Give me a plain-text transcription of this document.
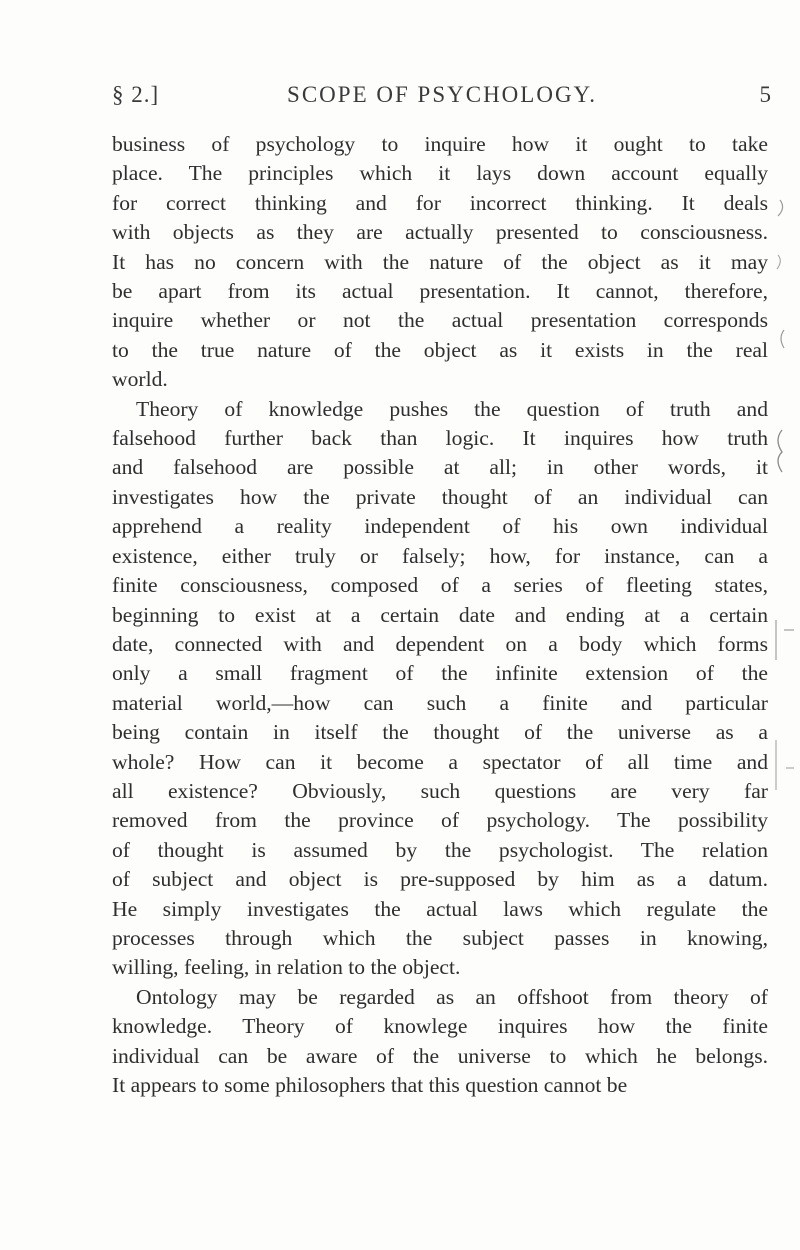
§ 2.]	SCOPE OF PSYCHOLOGY.	5

business of psychology to inquire how it ought to take
place. The principles which it lays down account equally
for correct thinking and for incorrect thinking. It deals
with objects as they are actually presented to consciousness.
It has no concern with the nature of the object as it may
be apart from its actual presentation. It cannot, therefore,
inquire whether or not the actual presentation corresponds
to the true nature of the object as it exists in the real
world.

Theory of knowledge pushes the question of truth and
falsehood further back than logic. It inquires how truth
and falsehood are possible at all; in other words, it
investigates how the private thought of an individual can
apprehend a reality independent of his own individual
existence, either truly or falsely; how, for instance, can a
finite consciousness, composed of a series of fleeting states,
beginning to exist at a certain date and ending at a certain
date, connected with and dependent on a body which forms
only a small fragment of the infinite extension of the
material world,—how can such a finite and particular
being contain in itself the thought of the universe as a
whole? How can it become a spectator of all time and
all existence? Obviously, such questions are very far
removed from the province of psychology. The possibility
of thought is assumed by the psychologist. The relation
of subject and object is pre-supposed by him as a datum.
He simply investigates the actual laws which regulate the
processes through which the subject passes in knowing,
willing, feeling, in relation to the object.

Ontology may be regarded as an offshoot from theory of
knowledge. Theory of knowlege inquires how the finite
individual can be aware of the universe to which he belongs.
It appears to some philosophers that this question cannot be
